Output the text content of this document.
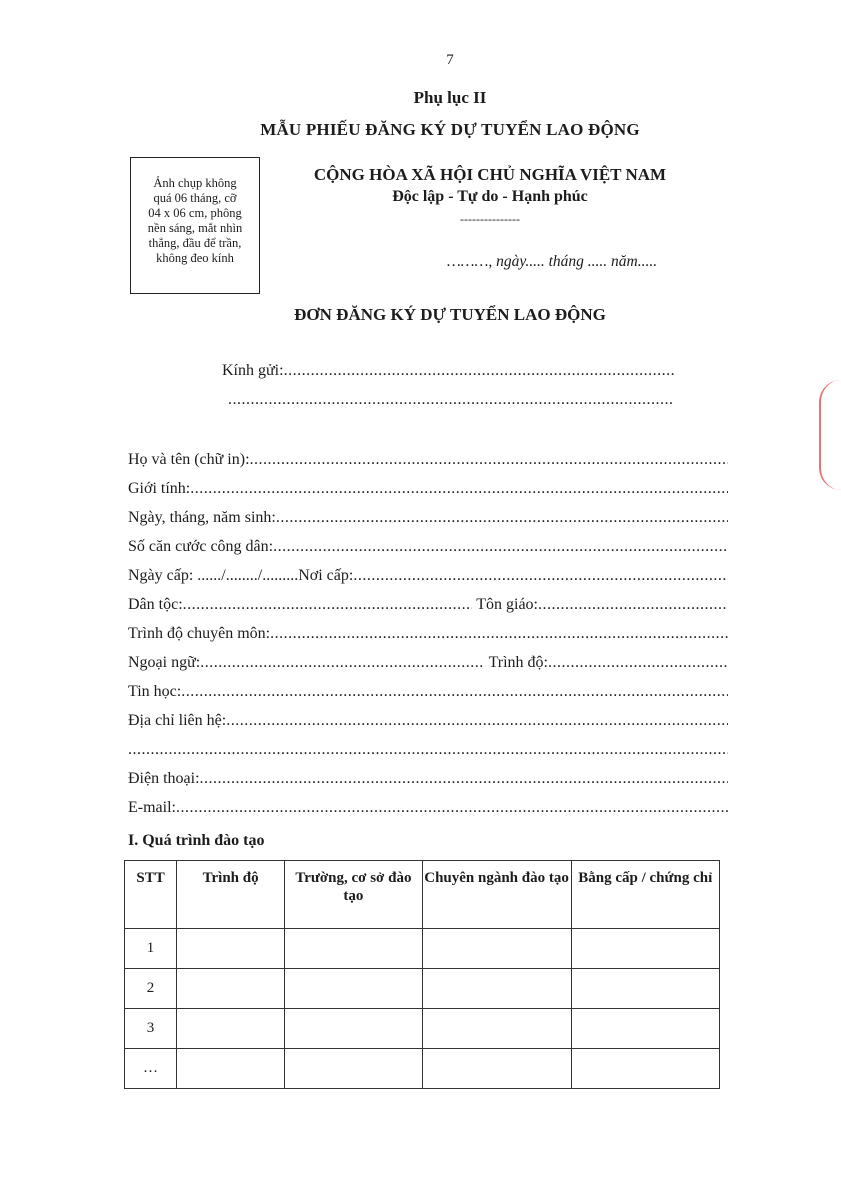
7
Phụ lục II
MẪU PHIẾU ĐĂNG KÝ DỰ TUYỂN LAO ĐỘNG
Ảnh chụp không
quá 06 tháng, cỡ
04 x 06 cm, phông
nền sáng, mắt nhìn
thẳng, đầu để trần,
không đeo kính
CỘNG HÒA XÃ HỘI CHỦ NGHĨA VIỆT NAM
Độc lập - Tự do - Hạnh phúc
---------------
………, ngày..... tháng ..... năm.....
ĐƠN ĐĂNG KÝ DỰ TUYỂN LAO ĐỘNG
Kính gửi:
.....
.....
Họ và tên (chữ in):
.....
Giới tính:
.....
Ngày, tháng, năm sinh:
.....
Số căn cước công dân:
.....
Ngày cấp: ....../......../......... Nơi cấp:
.....
Dân tộc: .....	Tôn giáo:
.....
Trình độ chuyên môn:
.....
Ngoại ngữ: .....	Trình độ:
.....
Tin học:
.....
Địa chỉ liên hệ:
.....
.....
Điện thoại:
.....
E-mail:
.....
I. Quá trình đào tạo
STT	Trình độ	Trường, cơ sở đào tạo	Chuyên ngành đào tạo	Bằng cấp / chứng chỉ
1				
2				
3				
…				
